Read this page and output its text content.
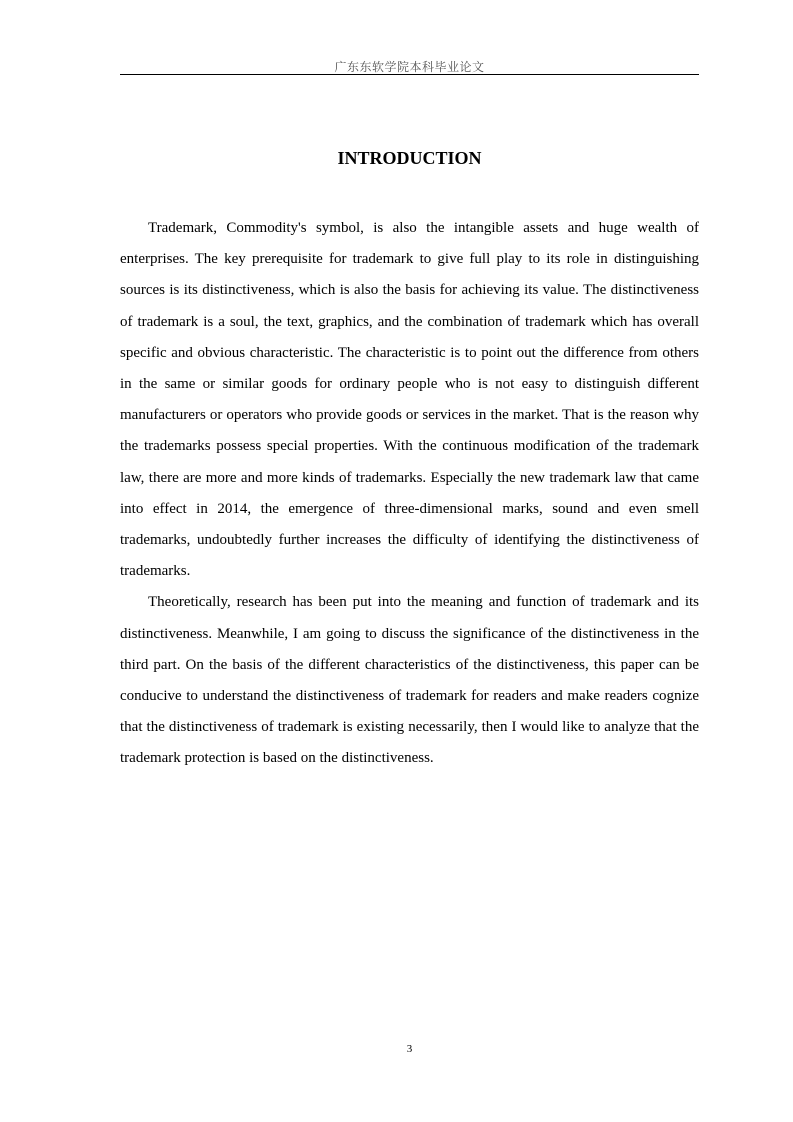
广东东软学院本科毕业论文
INTRODUCTION

Trademark, Commodity's symbol, is also the intangible assets and huge wealth of enterprises. The key prerequisite for trademark to give full play to its role in distinguishing sources is its distinctiveness, which is also the basis for achieving its value. The distinctiveness of trademark is a soul, the text, graphics, and the combination of trademark which has overall specific and obvious characteristic. The characteristic is to point out the difference from others in the same or similar goods for ordinary people who is not easy to distinguish different manufacturers or operators who provide goods or services in the market. That is the reason why the trademarks possess special properties. With the continuous modification of the trademark law, there are more and more kinds of trademarks. Especially the new trademark law that came into effect in 2014, the emergence of three-dimensional marks, sound and even smell trademarks, undoubtedly further increases the difficulty of identifying the distinctiveness of trademarks.

Theoretically, research has been put into the meaning and function of trademark and its distinctiveness. Meanwhile, I am going to discuss the significance of the distinctiveness in the third part. On the basis of the different characteristics of the distinctiveness, this paper can be conducive to understand the distinctiveness of trademark for readers and make readers cognize that the distinctiveness of trademark is existing necessarily, then I would like to analyze that the trademark protection is based on the distinctiveness.

3
